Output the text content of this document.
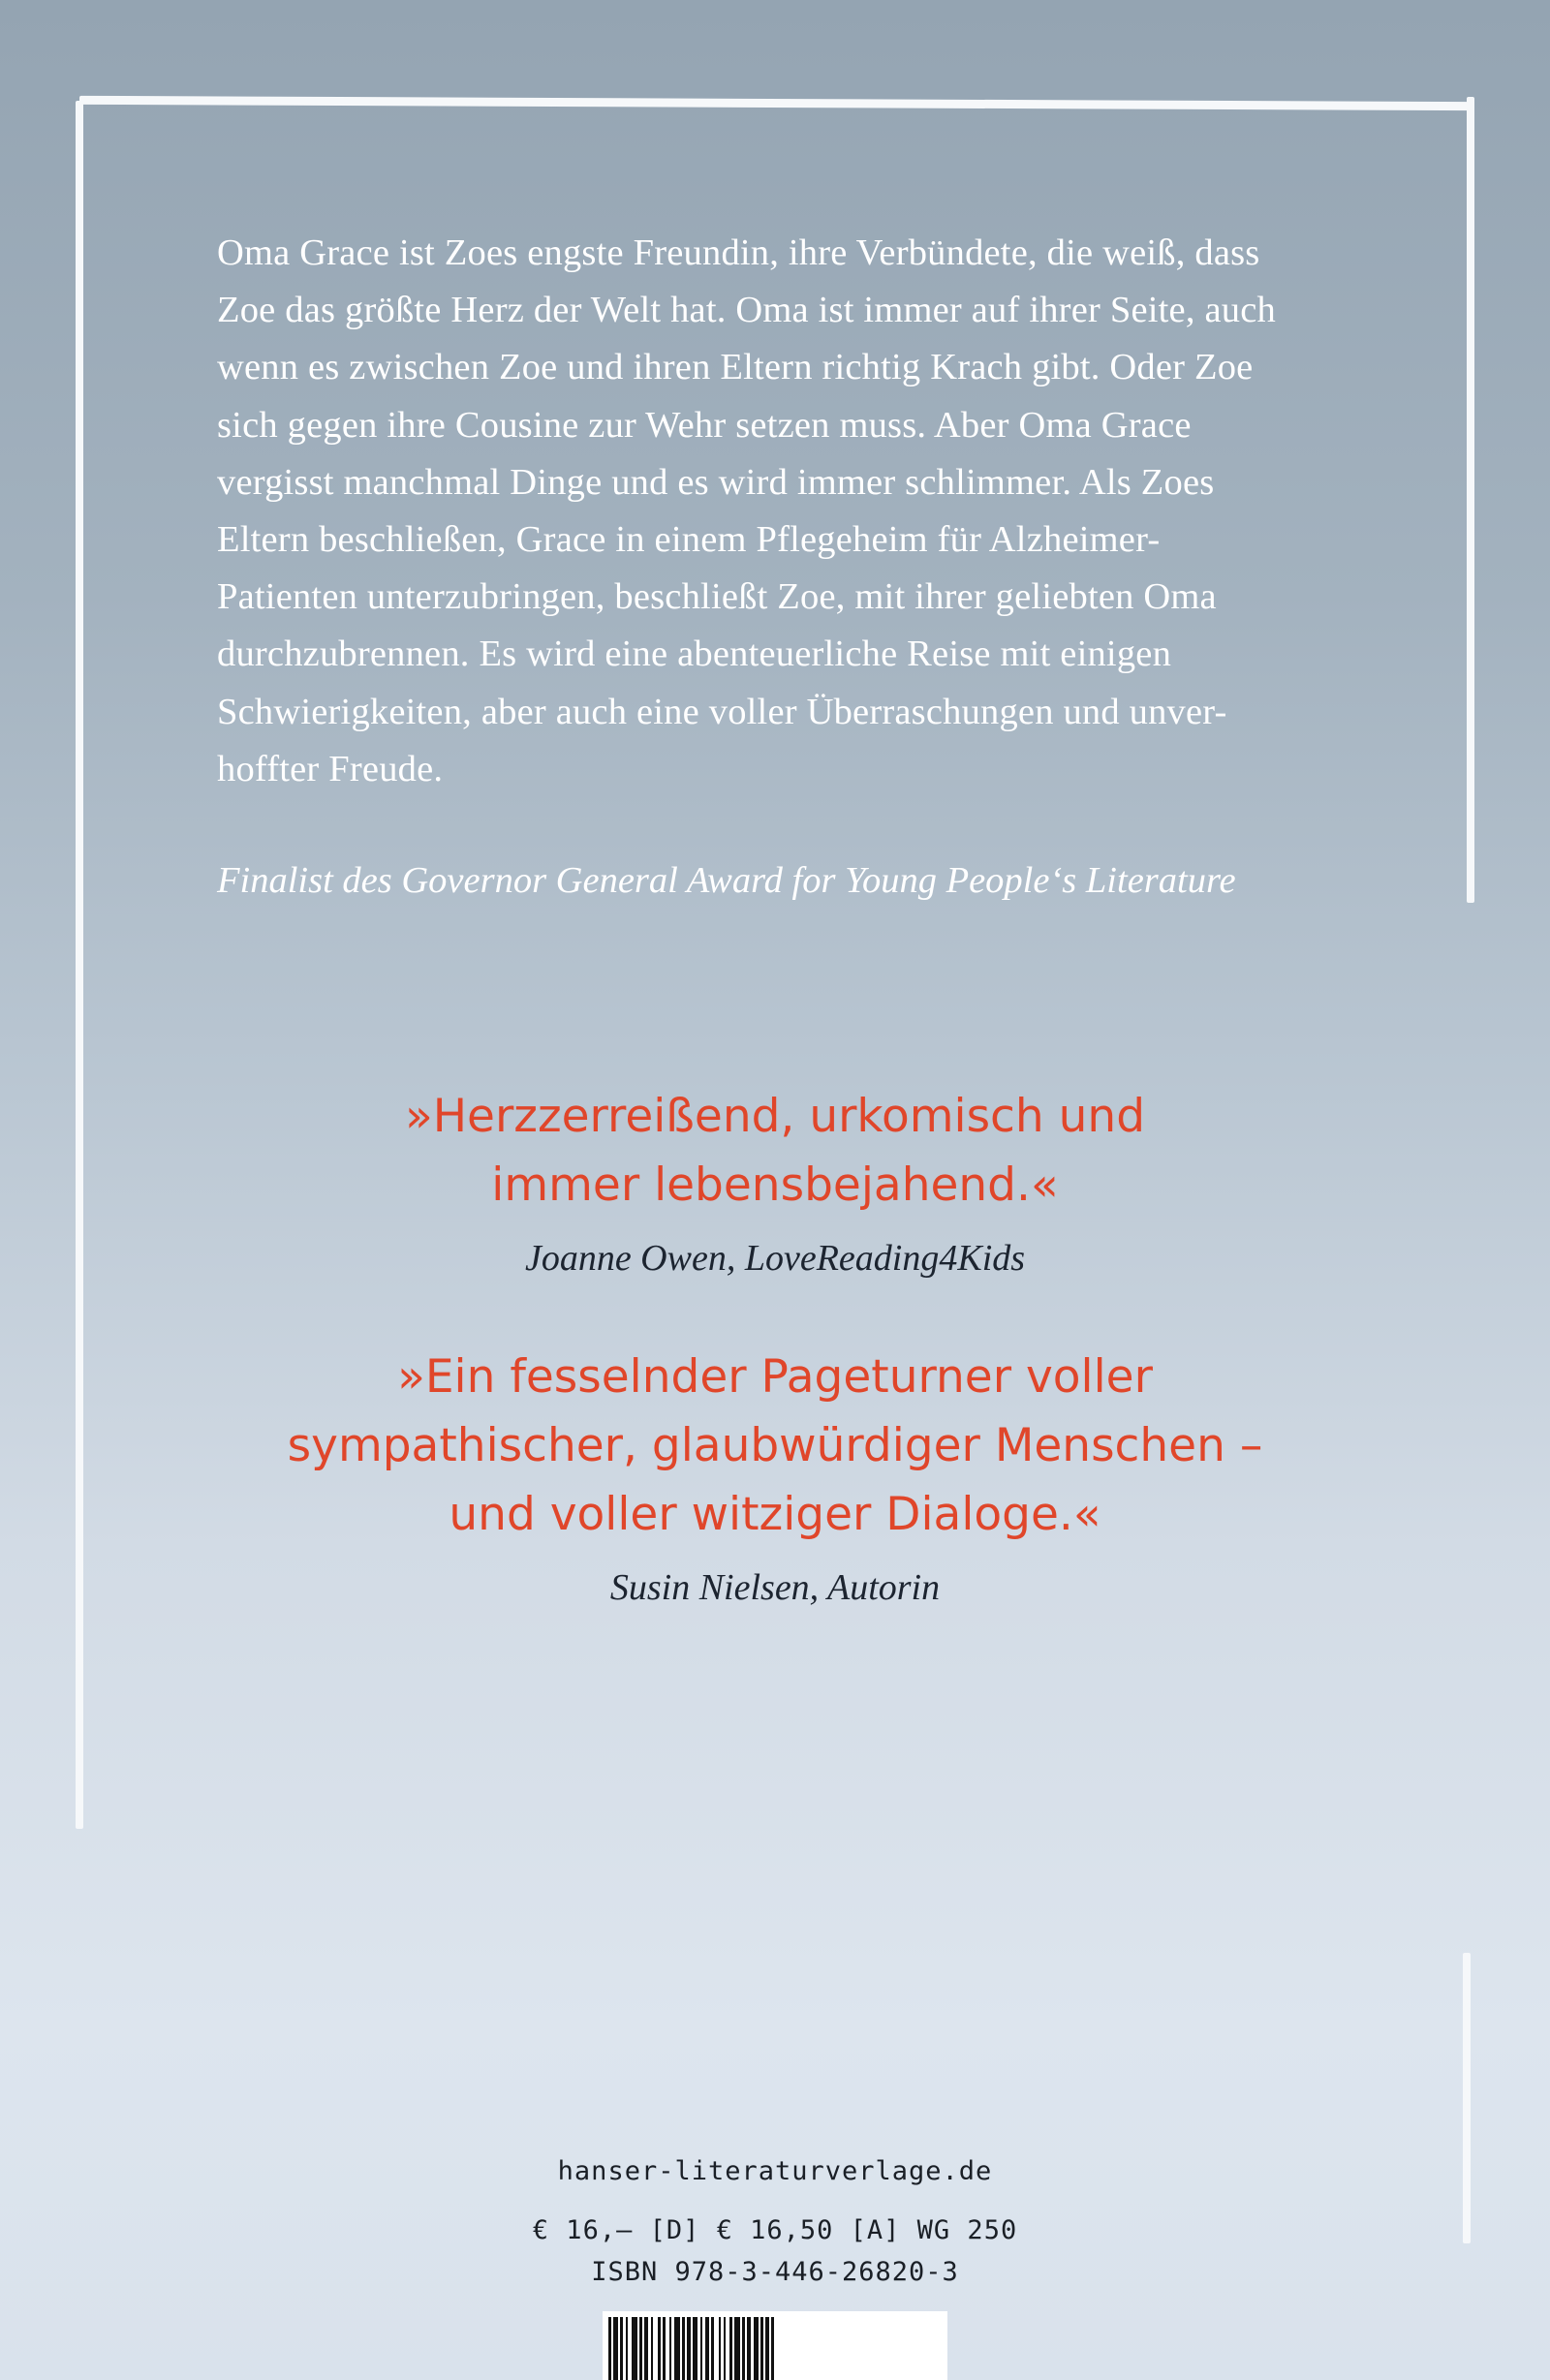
Oma Grace ist Zoes engste Freundin, ihre Verbündete, die weiß, dass
Zoe das größte Herz der Welt hat. Oma ist immer auf ihrer Seite, auch
wenn es zwischen Zoe und ihren Eltern richtig Krach gibt. Oder Zoe
sich gegen ihre Cousine zur Wehr setzen muss. Aber Oma Grace
vergisst manchmal Dinge und es wird immer schlimmer. Als Zoes
Eltern beschließen, Grace in einem Pflegeheim für Alzheimer-
Patienten unterzubringen, beschließt Zoe, mit ihrer geliebten Oma
durchzubrennen. Es wird eine abenteuerliche Reise mit einigen
Schwierigkeiten, aber auch eine voller Überraschungen und unver-
hoffter Freude.

Finalist des Governor General Award for Young People‘s Literature

»Herzzerreißend, urkomisch und
immer lebensbejahend.«

Joanne Owen, LoveReading4Kids

»Ein fesselnder Pageturner voller
sympathischer, glaubwürdiger Menschen –
und voller witziger Dialoge.«

Susin Nielsen, Autorin

hanser-literaturverlage.de

€ 16,– [D] € 16,50 [A] WG 250

ISBN 978-3-446-26820-3
